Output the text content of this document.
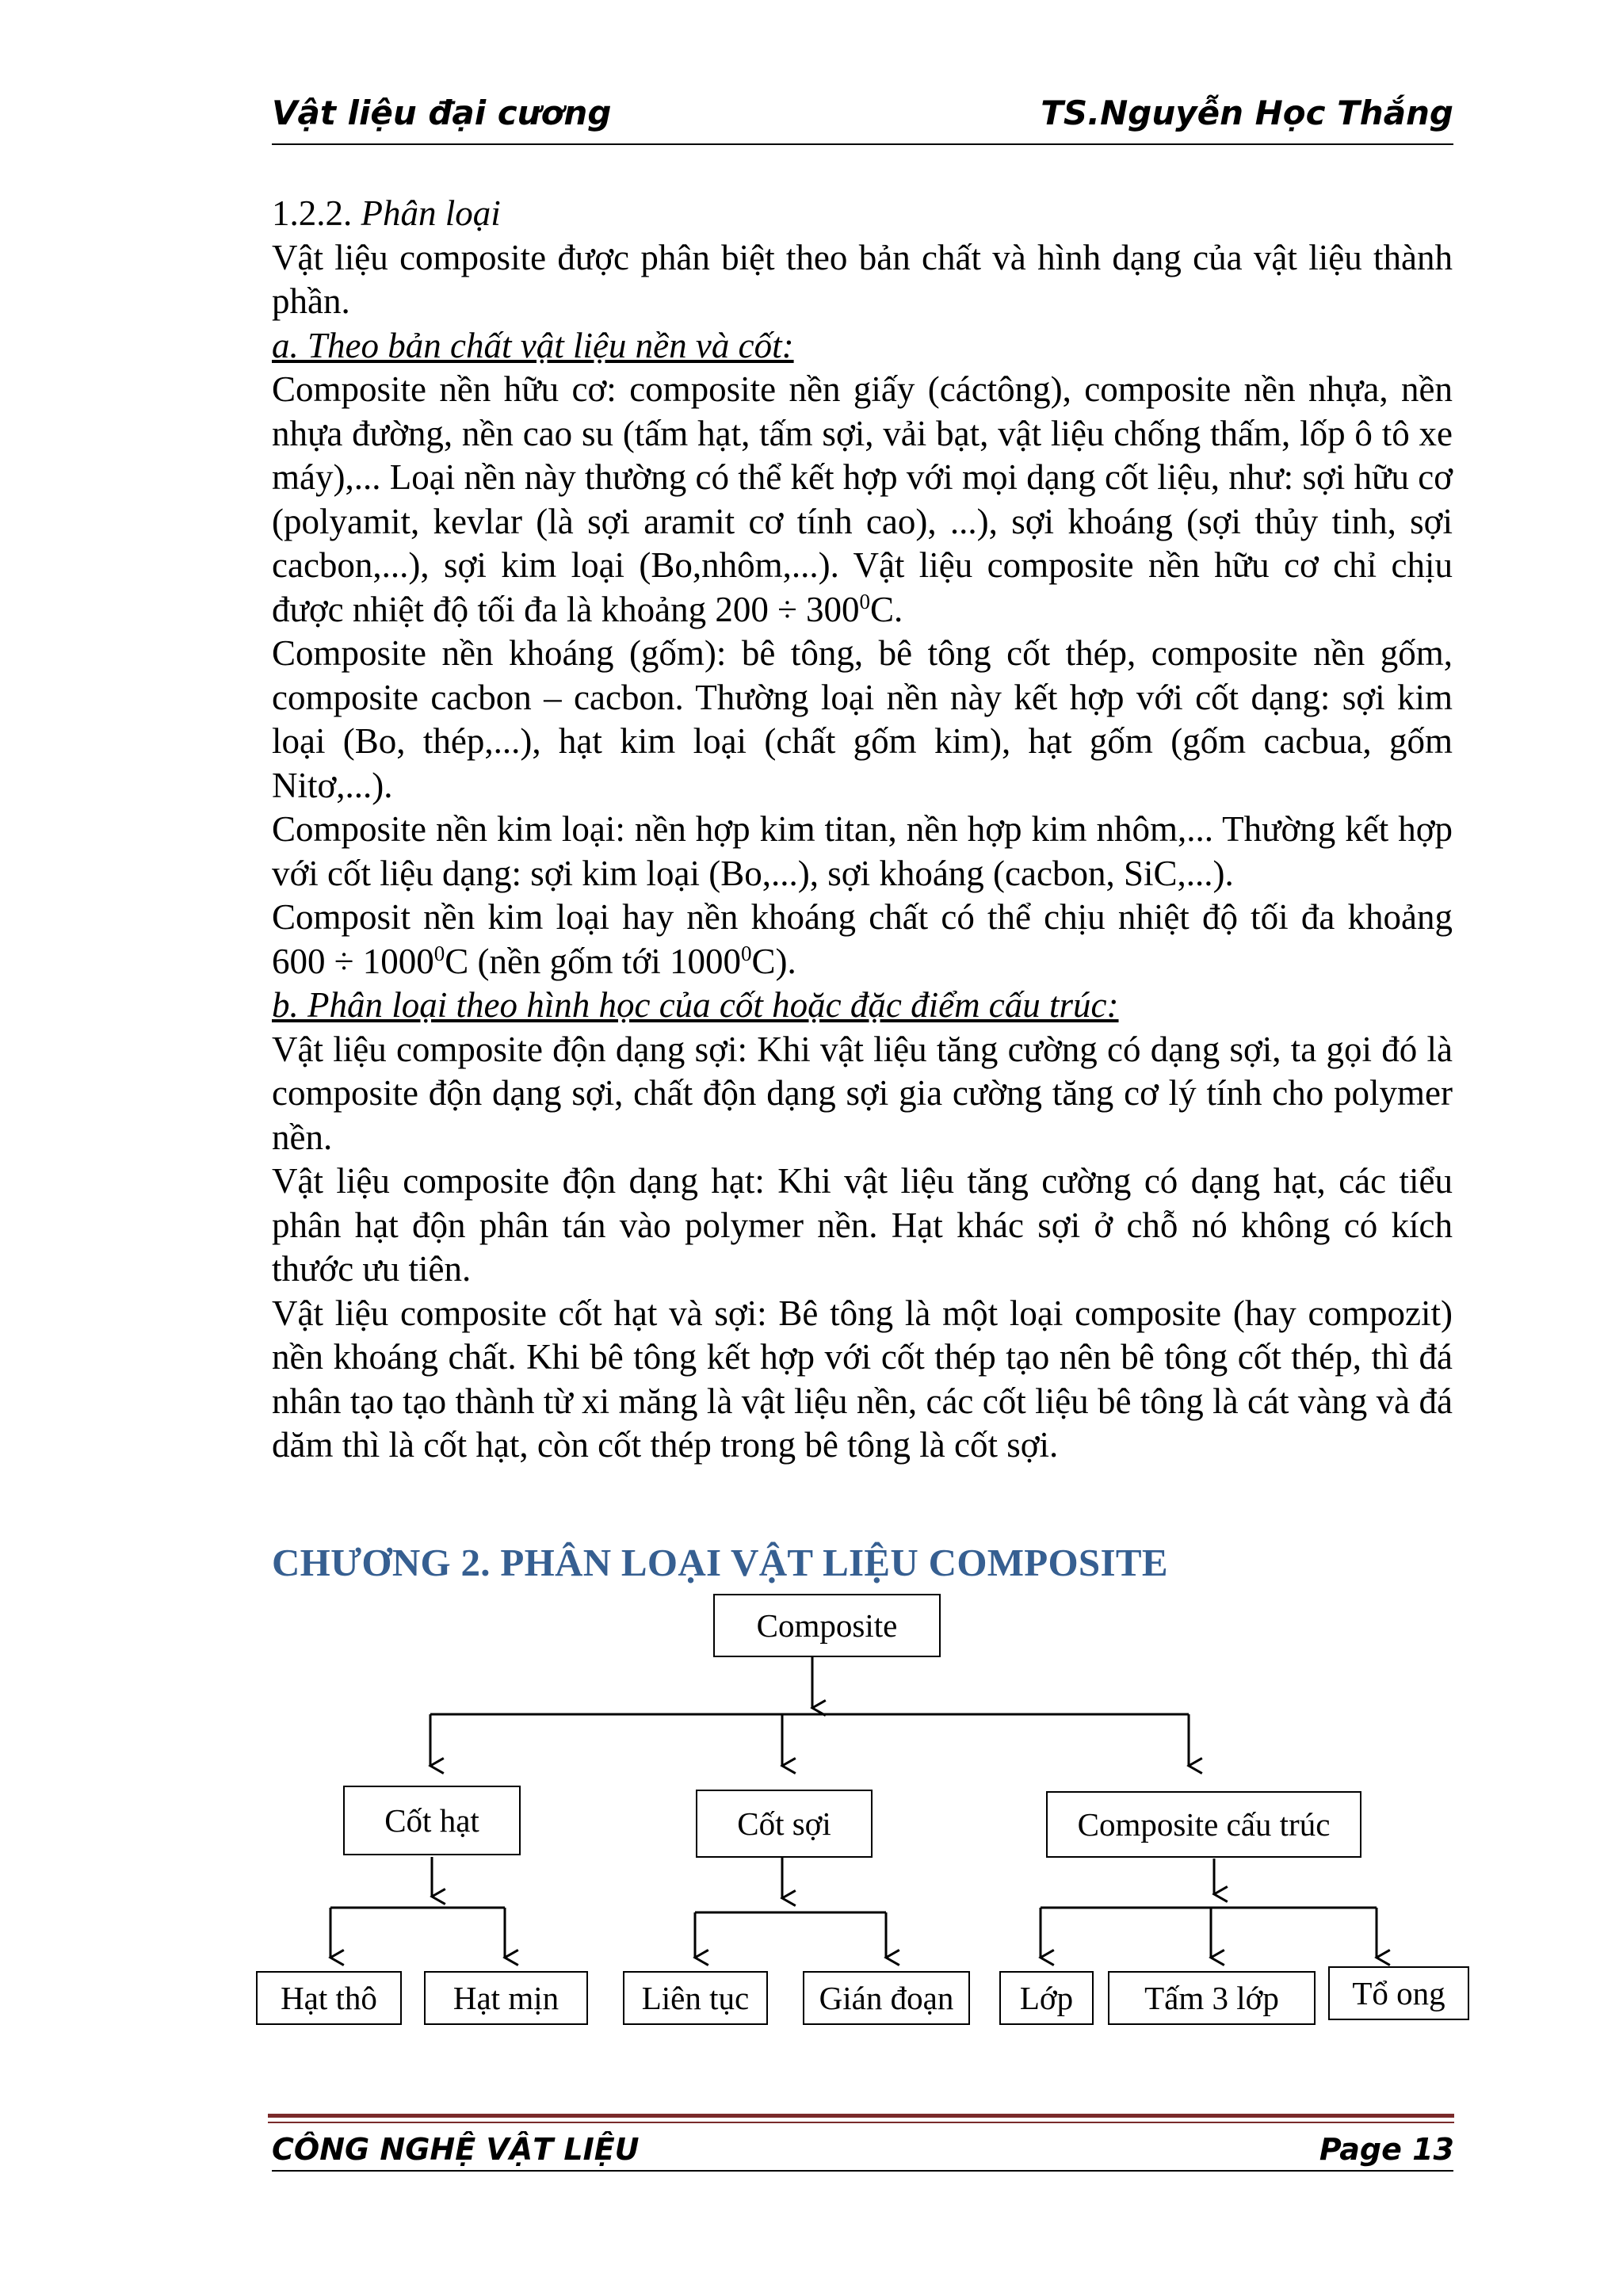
Vật liệu đại cương	TS.Nguyễn Học Thắng

1.2.2. Phân loại

Vật liệu composite được phân biệt theo bản chất và hình dạng của vật liệu thành phần.

a. Theo bản chất vật liệu nền và cốt:

Composite nền hữu cơ: composite nền giấy (cáctông), composite nền nhựa, nền nhựa đường, nền cao su (tấm hạt, tấm sợi, vải bạt, vật liệu chống thấm, lốp ô tô xe máy),... Loại nền này thường có thể kết hợp với mọi dạng cốt liệu, như: sợi hữu cơ (polyamit, kevlar (là sợi aramit cơ tính cao), ...), sợi khoáng (sợi thủy tinh, sợi cacbon,...), sợi kim loại (Bo,nhôm,...). Vật liệu composite nền hữu cơ chỉ chịu được nhiệt độ tối đa là khoảng $200 \div 300^0C$.

Composite nền khoáng (gốm): bê tông, bê tông cốt thép, composite nền gốm, composite cacbon – cacbon. Thường loại nền này kết hợp với cốt dạng: sợi kim loại (Bo, thép,...), hạt kim loại (chất gốm kim), hạt gốm (gốm cacbua, gốm Nitơ,...).

Composite nền kim loại: nền hợp kim titan, nền hợp kim nhôm,... Thường kết hợp với cốt liệu dạng: sợi kim loại (Bo,...), sợi khoáng (cacbon, SiC,...).

Composit nền kim loại hay nền khoáng chất có thể chịu nhiệt độ tối đa khoảng $600 \div 1000^0C$ (nền gốm tới 1000$^0$C).

b. Phân loại theo hình học của cốt hoặc đặc điểm cấu trúc:

Vật liệu composite độn dạng sợi: Khi vật liệu tăng cường có dạng sợi, ta gọi đó là composite độn dạng sợi, chất độn dạng sợi gia cường tăng cơ lý tính cho polymer nền.

Vật liệu composite độn dạng hạt: Khi vật liệu tăng cường có dạng hạt, các tiểu phân hạt độn phân tán vào polymer nền. Hạt khác sợi ở chỗ nó không có kích thước ưu tiên.

Vật liệu composite cốt hạt và sợi: Bê tông là một loại composite (hay compozit) nền khoáng chất. Khi bê tông kết hợp với cốt thép tạo nên bê tông cốt thép, thì đá nhân tạo tạo thành từ xi măng là vật liệu nền, các cốt liệu bê tông là cát vàng và đá dăm thì là cốt hạt, còn cốt thép trong bê tông là cốt sợi.

CHƯƠNG 2. PHÂN LOẠI VẬT LIỆU COMPOSITE
Composite
Cốt hạt	Cốt sợi	Composite cấu trúc
Hạt thô	Hạt mịn	Liên tục	Gián đoạn	Lớp	Tấm 3 lớp	Tổ ong
CÔNG NGHỆ VẬT LIỆU	Page 13
